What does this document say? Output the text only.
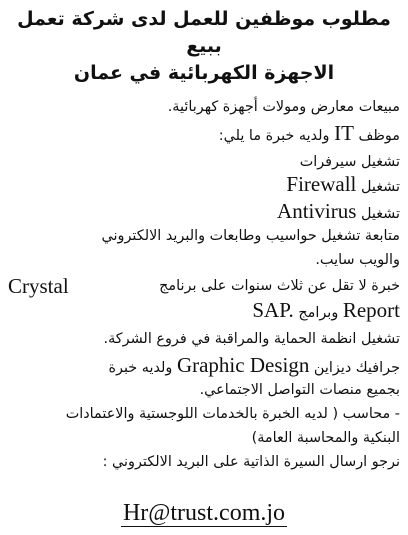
مطلوب موظفين للعمل لدى شركة تعمل ببيع
الاجهزة الكهربائية في عمان

مبيعات معارض ومولات أجهزة كهربائية.

موظف IT ولديه خبرة ما يلي:

تشغيل سيرفرات

تشغيل Firewall

تشغيل Antivirus

متابعة تشغيل حواسيب وطابعات والبريد الالكتروني

والويب سايب.

خبرة لا تقل عن ثلاث سنوات على برنامج
Crystal

Report وبرامج SAP.

تشغيل انظمة الحماية والمراقبة في فروع الشركة.

جرافيك ديزاين Graphic Design ولديه خبرة

بجميع منصات التواصل الاجتماعي.

- محاسب ( لديه الخبرة بالخدمات اللوجستية والاعتمادات

البنكية والمحاسبة العامة)

نرجو ارسال السيرة الذاتية على البريد الالكتروني :

Hr@trust.com.jo
